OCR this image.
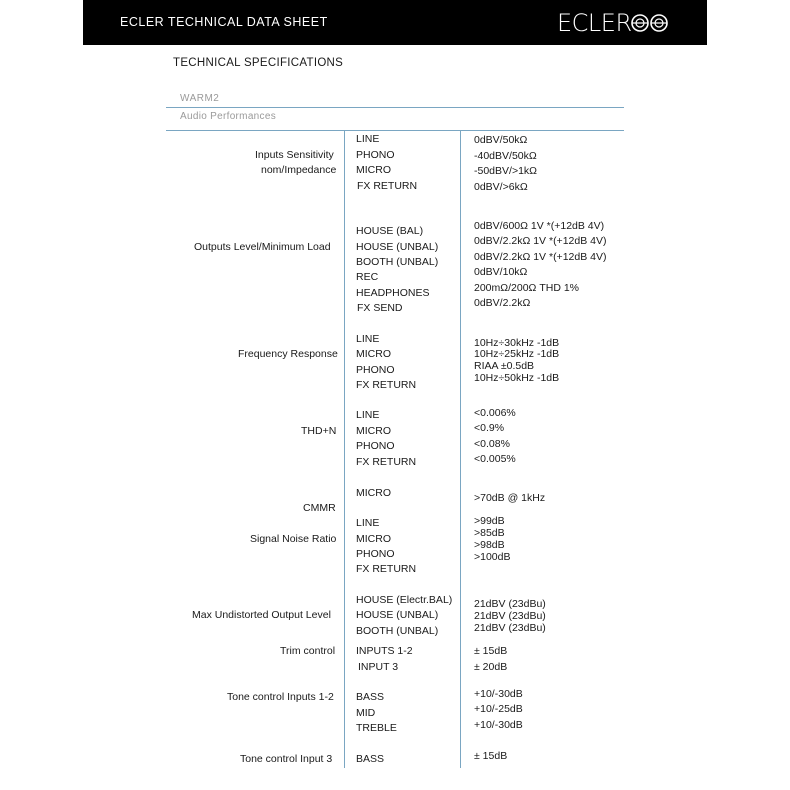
ECLER TECHNICAL DATA SHEET	ECLER
TECHNICAL SPECIFICATIONS
WARM2
Audio Performances
Inputs Sensitivity
nom/Impedance
Outputs Level/Minimum Load
Frequency Response
THD+N
CMMR
Signal Noise Ratio
Max Undistorted Output Level
Trim control
Tone control Inputs 1-2
Tone control Input 3
LINE
PHONO
MICRO
FX RETURN
HOUSE (BAL)
HOUSE (UNBAL)
BOOTH (UNBAL)
REC
HEADPHONES
FX SEND
LINE
MICRO
PHONO
FX RETURN
LINE
MICRO
PHONO
FX RETURN
MICRO
LINE
MICRO
PHONO
FX RETURN
HOUSE (Electr.BAL)
HOUSE (UNBAL)
BOOTH (UNBAL)
INPUTS 1-2
INPUT 3
BASS
MID
TREBLE
BASS
0dBV/50kΩ
-40dBV/50kΩ
-50dBV/>1kΩ
0dBV/>6kΩ
0dBV/600Ω 1V *(+12dB 4V)
0dBV/2.2kΩ 1V *(+12dB 4V)
0dBV/2.2kΩ 1V *(+12dB 4V)
0dBV/10kΩ
200mΩ/200Ω THD 1%
0dBV/2.2kΩ
10Hz÷30kHz -1dB
10Hz÷25kHz -1dB
RIAA ±0.5dB
10Hz÷50kHz -1dB
<0.006%
<0.9%
<0.08%
<0.005%
>70dB @ 1kHz
>99dB
>85dB
>98dB
>100dB
21dBV (23dBu)
21dBV (23dBu)
21dBV (23dBu)
± 15dB
± 20dB
+10/-30dB
+10/-25dB
+10/-30dB
± 15dB
